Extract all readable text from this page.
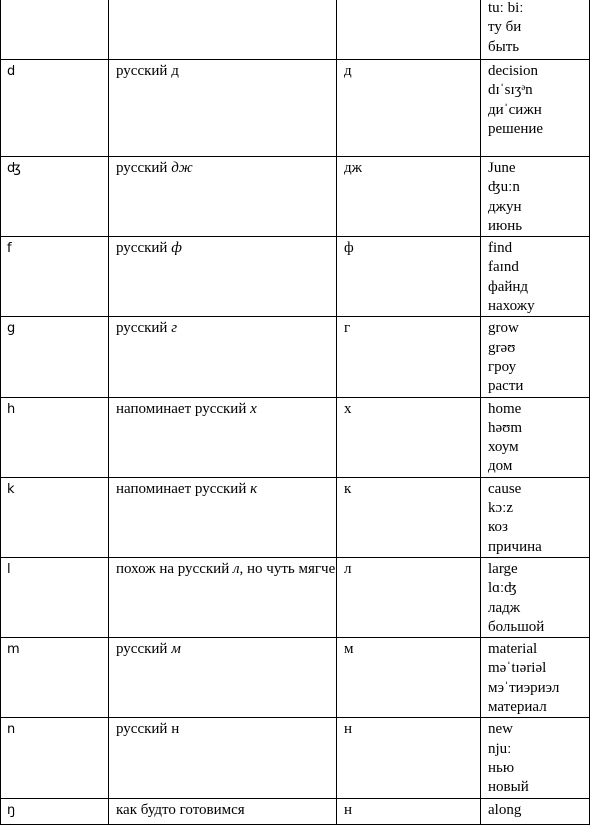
			tuː biː
ту би
быть

d	русский д	д	decision
dɪˈsɪʒᵊn
диˈсижн
решение

ʤ	русский дж	дж	June
ʤuːn
джун
июнь

f	русский ф	ф	find
faɪnd
файнд
нахожу

g	русский г	г	grow
grəʊ
гроу
расти

h	напоминает русский х	х	home
həʊm
хоум
дом

k	напоминает русский к	к	cause
kɔːz
коз
причина

l	похож на русский л, но чуть мягче	л	large
lɑːʤ
ладж
большой

m	русский м	м	material
məˈtɪəriəl
мэˈтиэриэл
материал

n	русский н	н	new
njuː
нью
новый

ŋ	как будто готовимся	н	along
